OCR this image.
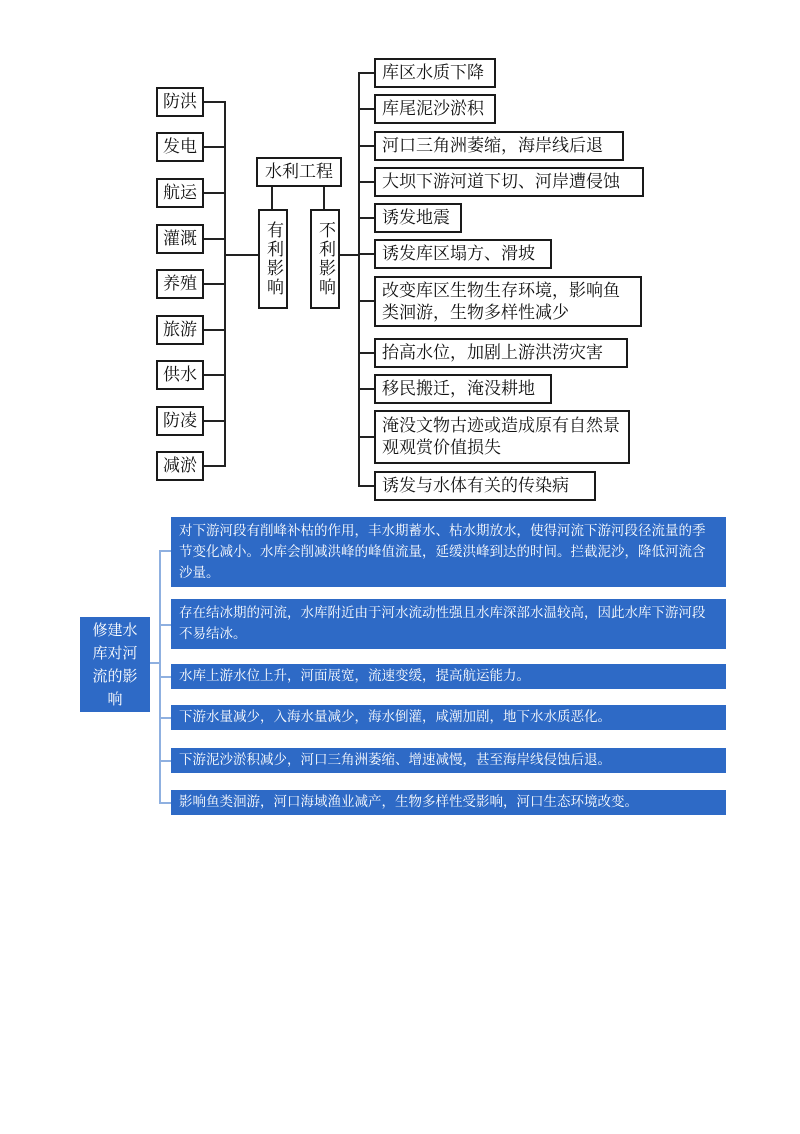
防洪
发电
航运
灌溉
养殖
旅游
供水
防凌
减淤
水利工程
有利影响 不利影响
库区水质下降
库尾泥沙淤积
河口三角洲萎缩，海岸线后退
大坝下游河道下切、河岸遭侵蚀
诱发地震
诱发库区塌方、滑坡
改变库区生物生存环境，影响鱼类洄游，生物多样性减少
抬高水位，加剧上游洪涝灾害
移民搬迁，淹没耕地
淹没文物古迹或造成原有自然景观观赏价值损失
诱发与水体有关的传染病
修建水库对河流的影响
对下游河段有削峰补枯的作用，丰水期蓄水、枯水期放水，使得河流下游河段径流量的季节变化减小。水库会削减洪峰的峰值流量，延缓洪峰到达的时间。拦截泥沙，降低河流含沙量。
存在结冰期的河流，水库附近由于河水流动性强且水库深部水温较高，因此水库下游河段不易结冰。
水库上游水位上升，河面展宽，流速变缓，提高航运能力。
下游水量减少，入海水量减少，海水倒灌，咸潮加剧，地下水水质恶化。
下游泥沙淤积减少，河口三角洲萎缩、增速减慢，甚至海岸线侵蚀后退。
影响鱼类洄游，河口海域渔业减产，生物多样性受影响，河口生态环境改变。
